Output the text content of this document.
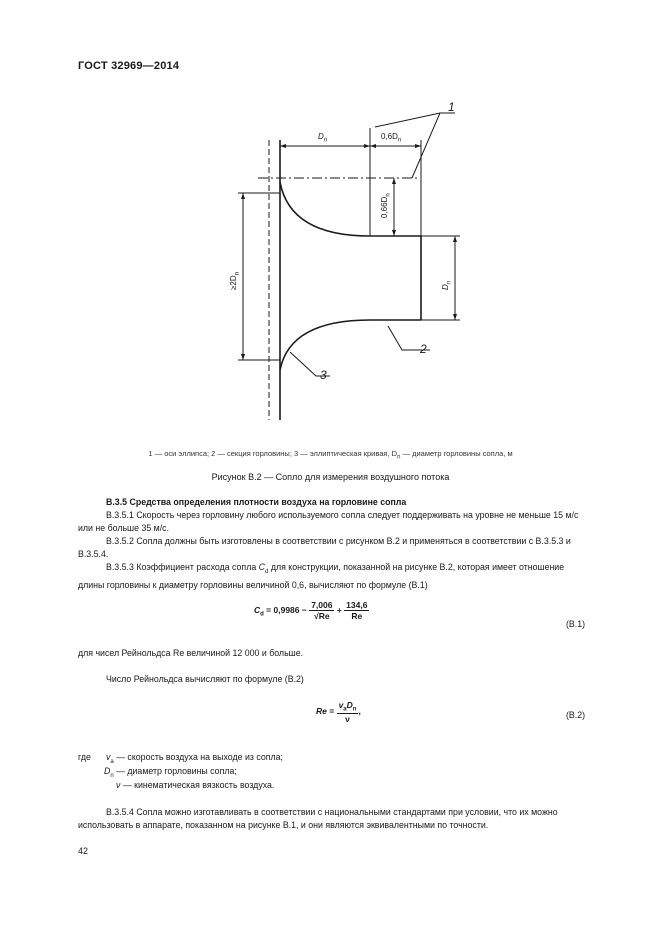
ГОСТ 32969—2014
1
2
3
$D_n$	$0,6D_n$
$0,66D_n$
$D_n$
$\ge 2D_n$
1 — оси эллипса; 2 — секция горловины; 3 — эллиптическая кривая, $D_n$ — диаметр горловины сопла, м
Рисунок В.2 — Сопло для измерения воздушного потока
В.3.5 Средства определения плотности воздуха на горловине сопла
В.3.5.1 Скорость через горловину любого используемого сопла следует поддерживать на уровне не меньше 15 м/с или не больше 35 м/с.
В.3.5.2 Сопла должны быть изготовлены в соответствии с рисунком В.2 и применяться в соответствии с В.3.5.3 и В.3.5.4.
В.3.5.3 Коэффициент расхода сопла $C_d$ для конструкции, показанной на рисунке В.2, которая имеет отношение длины горловины к диаметру горловины величиной 0,6, вычисляют по формуле (В.1)
$C_d = 0,9986 - \frac{7,006}{√Re} + \frac{134,6}{Re}$
(В.1)
для чисел Рейнольдса Re величиной 12 000 и больше.
Число Рейнольдса вычисляют по формуле (В.2)
$Re = \frac{v_aD_n}{\nu}$ ,	(В.2)
где $v_a$ — скорость воздуха на выходе из сопла;
$D_n$ — диаметр горловины сопла;
ν — кинематическая вязкость воздуха.
В.3.5.4 Сопла можно изготавливать в соответствии с национальными стандартами при условии, что их можно использовать в аппарате, показанном на рисунке В.1, и они являются эквивалентными по точности.
42
